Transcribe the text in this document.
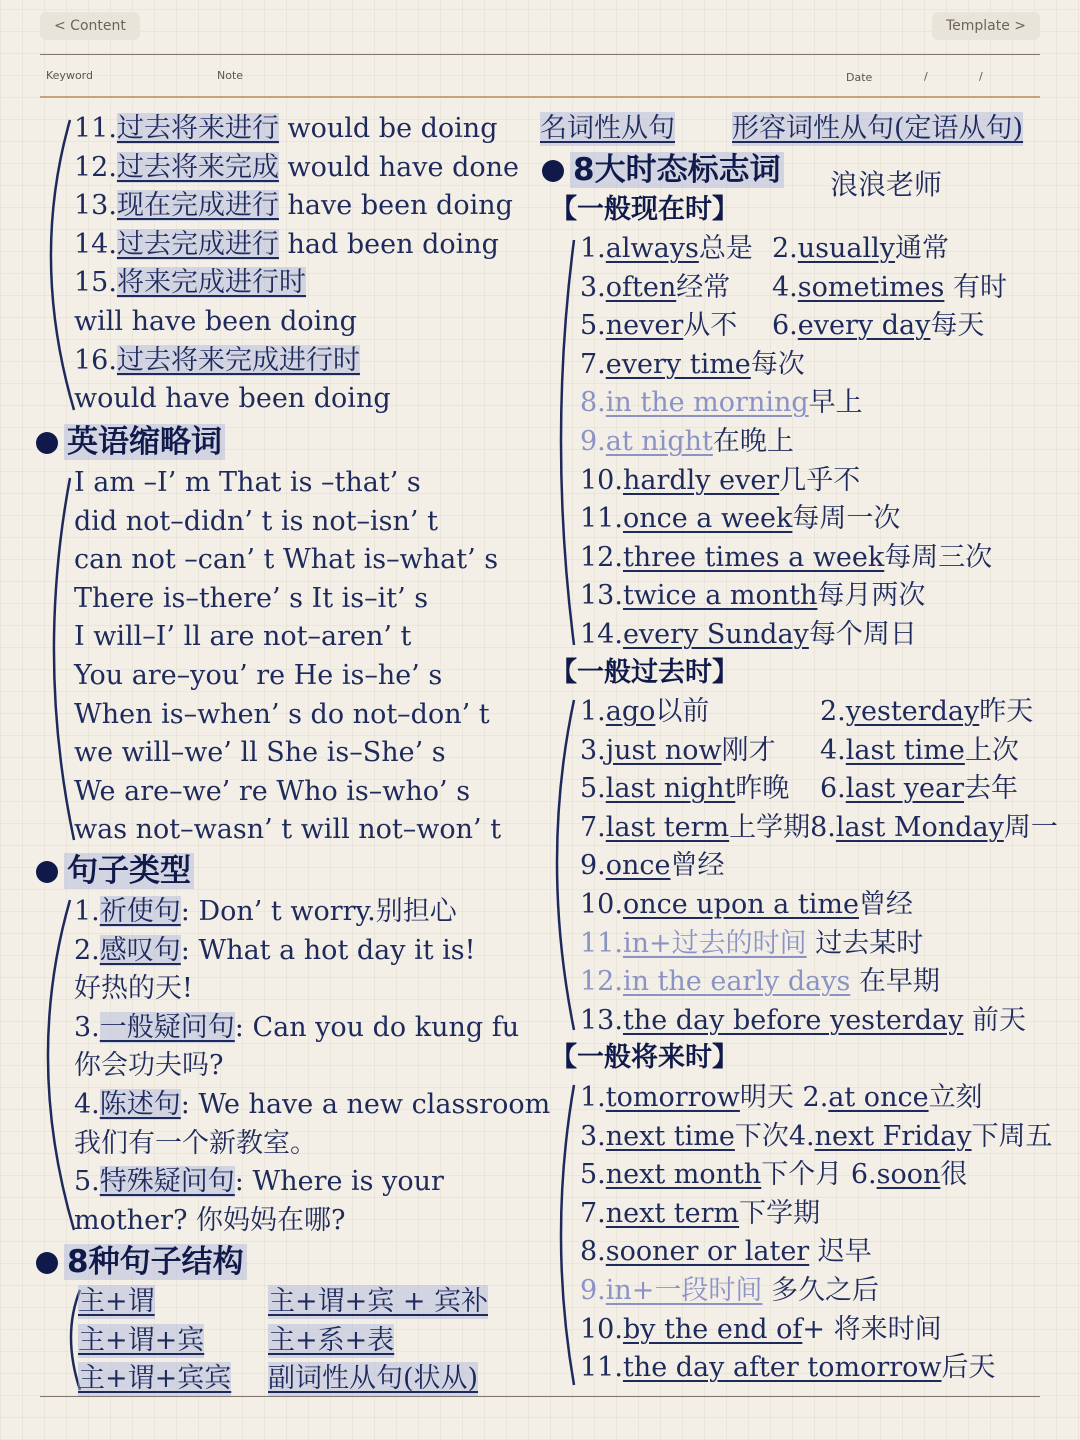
< Content	Template >
Keyword	Note	Date	/	/
11.过去将来进行 would be doing
12.过去将来完成 would have done
13.现在完成进行 have been doing
14.过去完成进行 had been doing
15.将来完成进行时
will have been doing
16.过去将来完成进行时
would have been doing
英语缩略词
I am –I’ m That is –that’ s
did not–didn’ t is not–isn’ t
can not –can’ t What is–what’ s
There is–there’ s It is–it’ s
I will–I’ ll are not–aren’ t
You are–you’ re He is–he’ s
When is–when’ s do not–don’ t
we will–we’ ll She is–She’ s
We are–we’ re Who is–who’ s
was not–wasn’ t will not–won’ t
句子类型
1.祈使句: Don’ t worry.别担心
2.感叹句: What a hot day it is!
好热的天!
3.一般疑问句: Can you do kung fu
你会功夫吗?
4.陈述句: We have a new classroom
我们有一个新教室。
5.特殊疑问句: Where is your
mother? 你妈妈在哪?
8种句子结构
主+谓	主+谓+宾 + 宾补
主+谓+宾 主+系+表
主+谓+宾宾 副词性从句(状从)
名词性从句 形容词性从句(定语从句)
8大时态标志词 浪浪老师
【一般现在时】
1.always总是 2.usually通常
3.often经常 4.sometimes 有时
5.never从不 6.every day每天
7.every time每次
8.in the morning早上
9.at night在晚上
10.hardly ever几乎不
11.once a week每周一次
12.three times a week每周三次
13.twice a month每月两次
14.every Sunday每个周日
【一般过去时】
1.ago以前	2.yesterday昨天
3.just now刚才 4.last time上次
5.last night昨晚 6.last year去年
7.last term上学期8.last Monday周一
9.once曾经
10.once upon a time曾经
11.in+过去的时间 过去某时
12.in the early days 在早期
13.the day before yesterday 前天
【一般将来时】
1.tomorrow明天 2.at once立刻
3.next time下次4.next Friday下周五
5.next month下个月 6.soon很
7.next term下学期
8.sooner or later 迟早
9.in+一段时间 多久之后
10.by the end of+ 将来时间
11.the day after tomorrow后天
